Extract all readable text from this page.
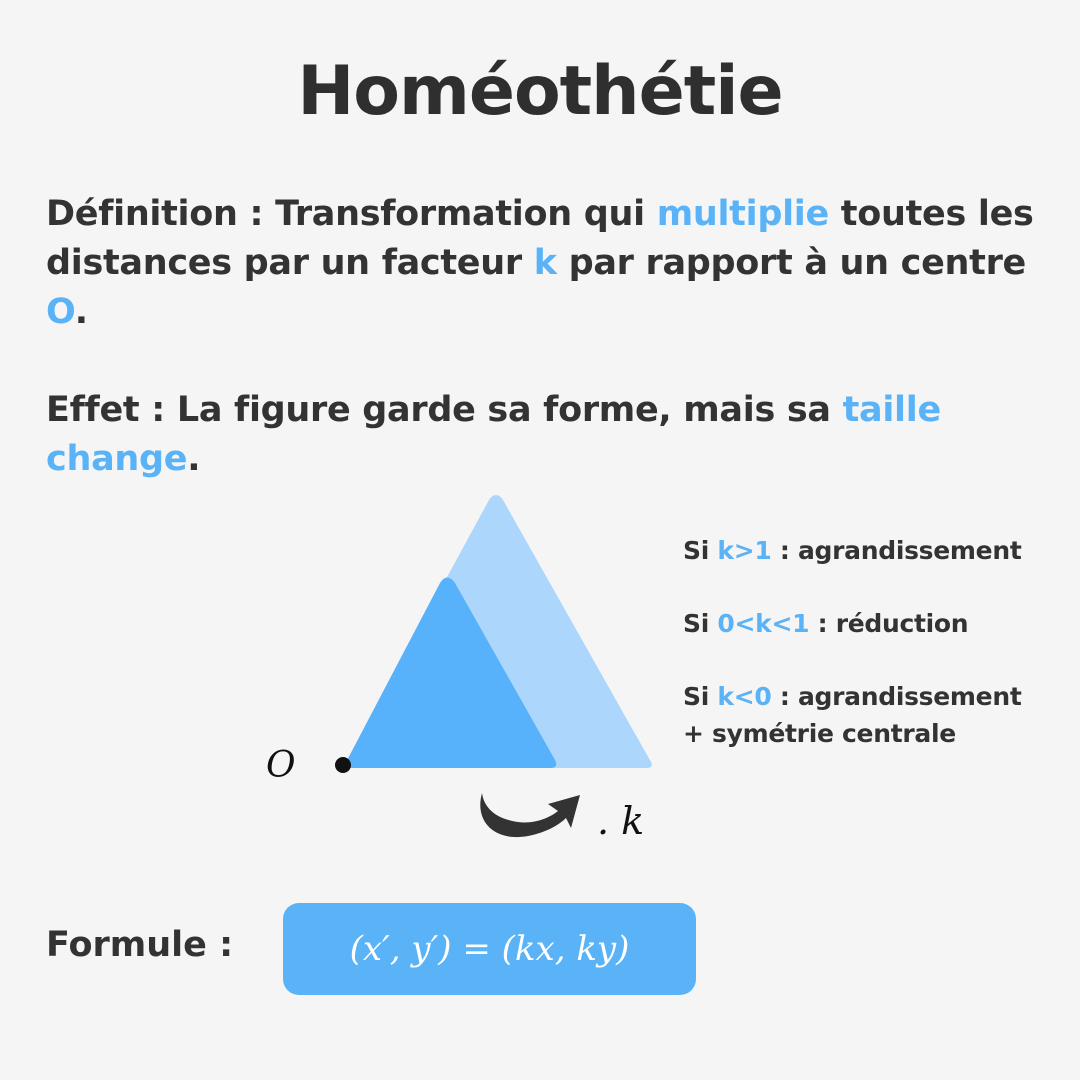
Homéothétie

Définition : Transformation qui multiplie toutes les distances par un facteur k par rapport à un centre O.

Effet : La figure garde sa forme, mais sa taille change.

O
. k

Si k>1 : agrandissement

Si 0<k<1 : réduction

Si k<0 : agrandissement
+ symétrie centrale

Formule :	(x′, y′) = (kx, ky)
